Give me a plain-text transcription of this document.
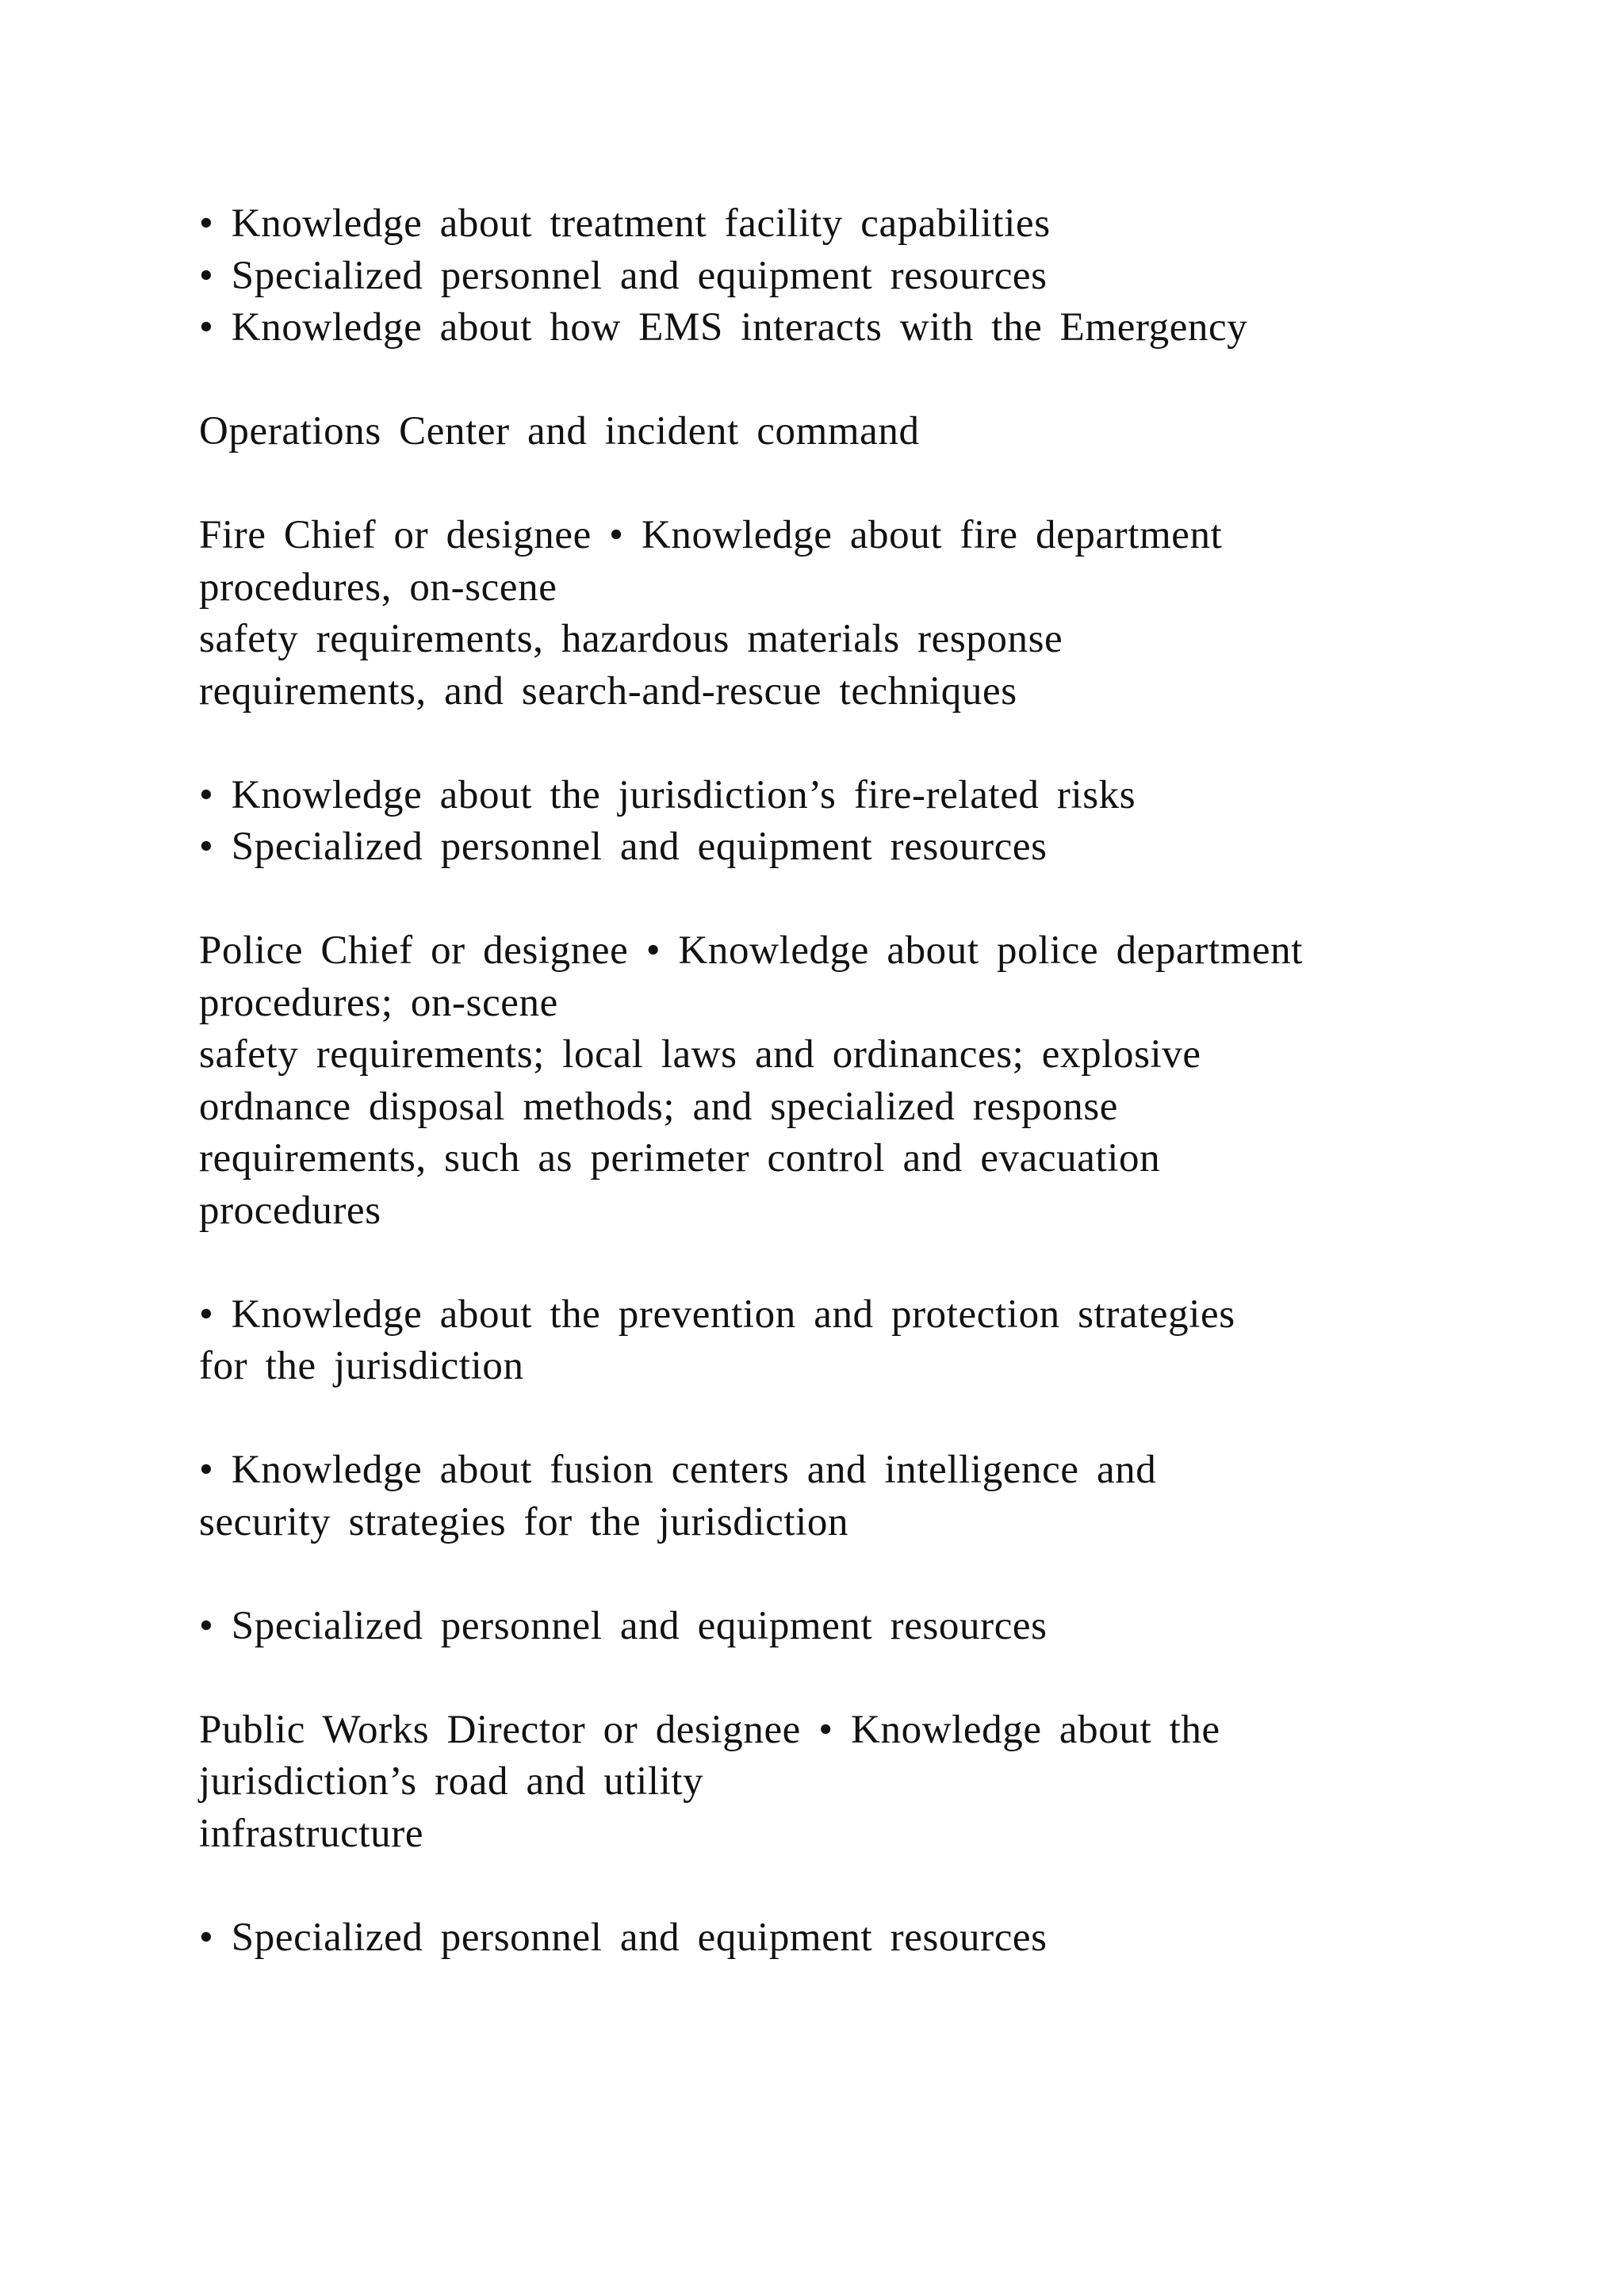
• Knowledge about treatment facility capabilities
• Specialized personnel and equipment resources
• Knowledge about how EMS interacts with the Emergency
Operations Center and incident command
Fire Chief or designee • Knowledge about fire department
procedures, on-scene
safety requirements, hazardous materials response
requirements, and search-and-rescue techniques
• Knowledge about the jurisdiction’s fire-related risks
• Specialized personnel and equipment resources
Police Chief or designee • Knowledge about police department
procedures; on-scene
safety requirements; local laws and ordinances; explosive
ordnance disposal methods; and specialized response
requirements, such as perimeter control and evacuation
procedures
• Knowledge about the prevention and protection strategies
for the jurisdiction
• Knowledge about fusion centers and intelligence and
security strategies for the jurisdiction
• Specialized personnel and equipment resources
Public Works Director or designee • Knowledge about the
jurisdiction’s road and utility
infrastructure
• Specialized personnel and equipment resources
